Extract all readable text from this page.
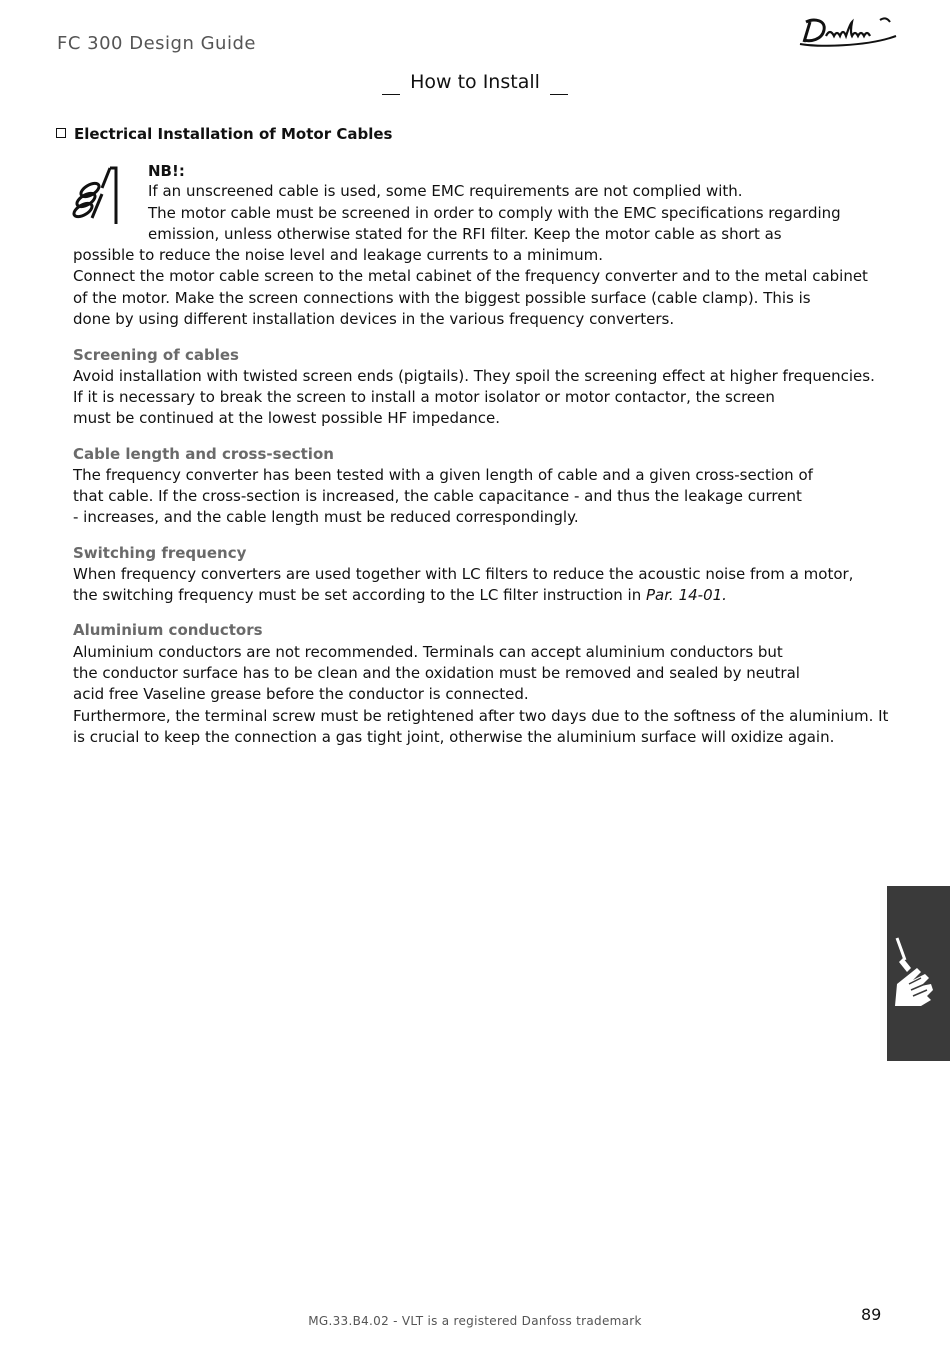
FC 300 Design Guide
How to Install
Electrical Installation of Motor Cables
NB!:
If an unscreened cable is used, some EMC requirements are not complied with.
The motor cable must be screened in order to comply with the EMC specifications regarding
emission, unless otherwise stated for the RFI filter. Keep the motor cable as short as
possible to reduce the noise level and leakage currents to a minimum.
Connect the motor cable screen to the metal cabinet of the frequency converter and to the metal cabinet
of the motor. Make the screen connections with the biggest possible surface (cable clamp). This is
done by using different installation devices in the various frequency converters.
Screening of cables
Avoid installation with twisted screen ends (pigtails). They spoil the screening effect at higher frequencies.
If it is necessary to break the screen to install a motor isolator or motor contactor, the screen
must be continued at the lowest possible HF impedance.
Cable length and cross-section
The frequency converter has been tested with a given length of cable and a given cross-section of
that cable. If the cross-section is increased, the cable capacitance - and thus the leakage current
- increases, and the cable length must be reduced correspondingly.
Switching frequency
When frequency converters are used together with LC filters to reduce the acoustic noise from a motor,
the switching frequency must be set according to the LC filter instruction in Par. 14-01.
Aluminium conductors
Aluminium conductors are not recommended. Terminals can accept aluminium conductors but
the conductor surface has to be clean and the oxidation must be removed and sealed by neutral
acid free Vaseline grease before the conductor is connected.
Furthermore, the terminal screw must be retightened after two days due to the softness of the aluminium. It
is crucial to keep the connection a gas tight joint, otherwise the aluminium surface will oxidize again.
MG.33.B4.02 - VLT is a registered Danfoss trademark	89
